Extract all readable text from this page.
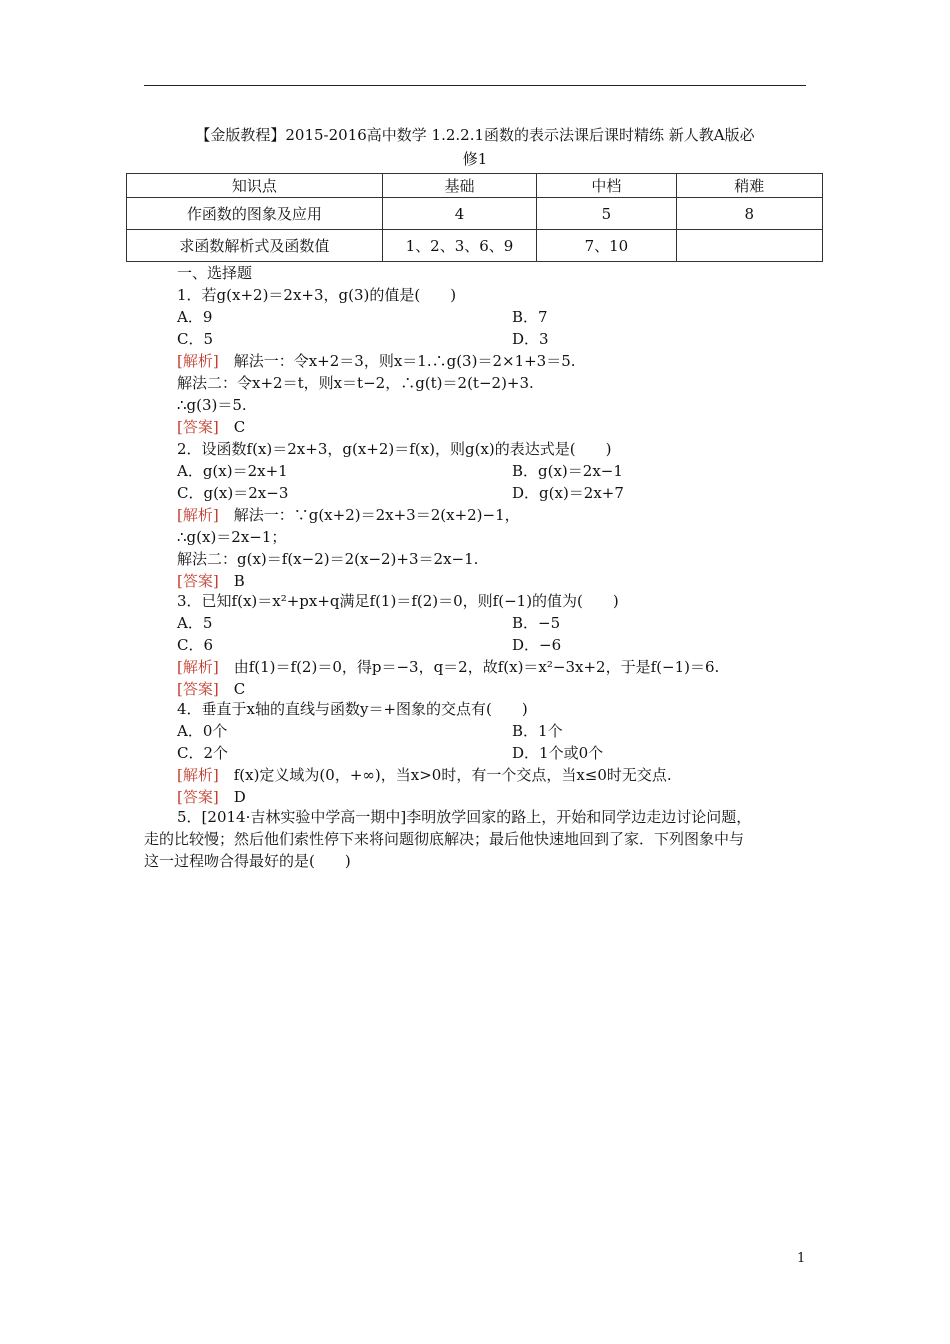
【金版教程】2015-2016高中数学 1.2.2.1函数的表示法课后课时精练 新人教A版必
修1
知识点	基础	中档	稍难
作函数的图象及应用	4	5	8
求函数解析式及函数值	1、2、3、6、9	7、10	
一、选择题
1．若g(x+2)＝2x+3，g(3)的值是(　　)
A．9	B．7
C．5	D．3
[解析]　解法一：令x+2＝3，则x＝1.∴g(3)＝2×1+3＝5.
解法二：令x+2＝t，则x＝t−2，∴g(t)＝2(t−2)+3.
∴g(3)＝5.
[答案]　C
2．设函数f(x)＝2x+3，g(x+2)＝f(x)，则g(x)的表达式是(　　)
A．g(x)＝2x+1	B．g(x)＝2x−1
C．g(x)＝2x−3	D．g(x)＝2x+7
[解析]　解法一：∵g(x+2)＝2x+3＝2(x+2)−1，
∴g(x)＝2x−1；
解法二：g(x)＝f(x−2)＝2(x−2)+3＝2x−1.
[答案]　B
3．已知f(x)＝x²+px+q满足f(1)＝f(2)＝0，则f(−1)的值为(　　)
A．5	B．−5
C．6	D．−6
[解析]　由f(1)＝f(2)＝0，得p＝−3，q＝2，故f(x)＝x²−3x+2，于是f(−1)＝6.
[答案]　C
4．垂直于x轴的直线与函数y＝+图象的交点有(　　)
A．0个	B．1个
C．2个	D．1个或0个
[解析]　f(x)定义域为(0，+∞)，当x>0时，有一个交点，当x≤0时无交点.
[答案]　D
5．[2014·吉林实验中学高一期中]李明放学回家的路上，开始和同学边走边讨论问题，
走的比较慢；然后他们索性停下来将问题彻底解决；最后他快速地回到了家．下列图象中与
这一过程吻合得最好的是(　　)
1
